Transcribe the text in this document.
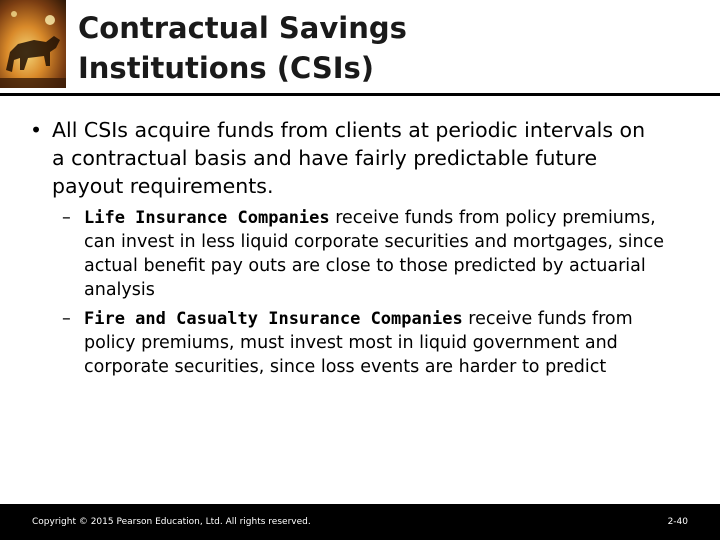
Contractual Savings
Institutions (CSIs)
• All CSIs acquire funds from clients at periodic intervals on a contractual basis and have fairly predictable future payout requirements.
– Life Insurance Companies receive funds from policy premiums, can invest in less liquid corporate securities and mortgages, since actual benefit pay outs are close to those predicted by actuarial analysis
– Fire and Casualty Insurance Companies receive funds from policy premiums, must invest most in liquid government and corporate securities, since loss events are harder to predict
Copyright © 2015 Pearson Education, Ltd. All rights reserved.	2-40
